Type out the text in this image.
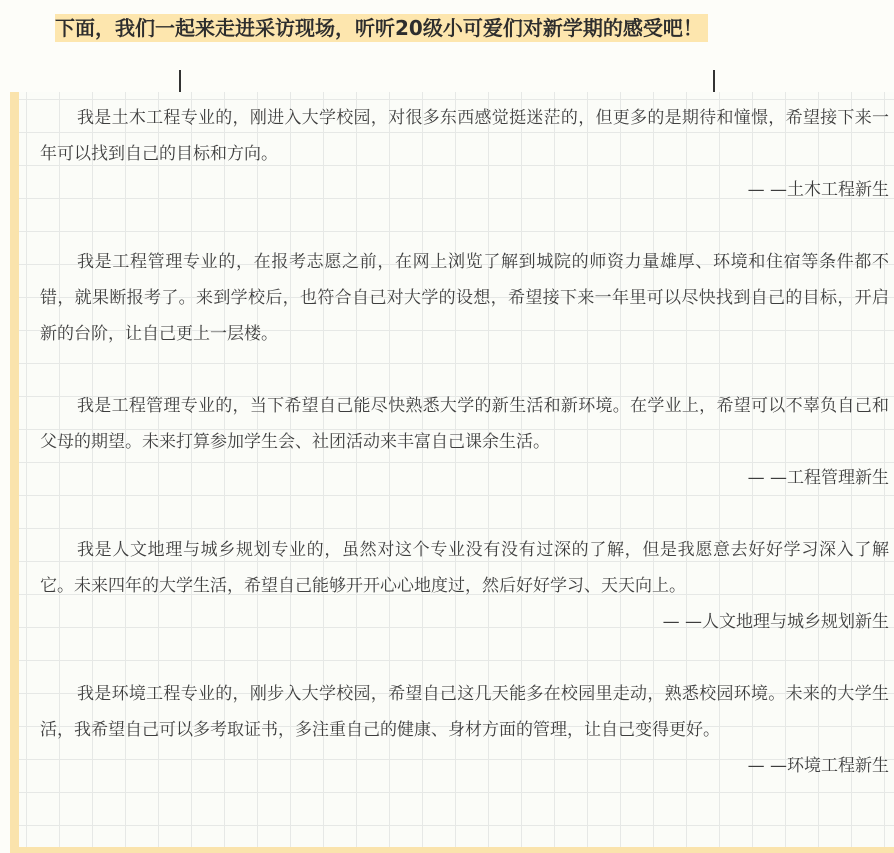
下面，我们一起来走进采访现场，听听20级小可爱们对新学期的感受吧！

我是土木工程专业的，刚进入大学校园，对很多东西感觉挺迷茫的，但更多的是期待和憧憬，希望接下来一年可以找到自己的目标和方向。

— —土木工程新生

我是工程管理专业的，在报考志愿之前，在网上浏览了解到城院的师资力量雄厚、环境和住宿等条件都不错，就果断报考了。来到学校后，也符合自己对大学的设想，希望接下来一年里可以尽快找到自己的目标，开启新的台阶，让自己更上一层楼。

我是工程管理专业的，当下希望自己能尽快熟悉大学的新生活和新环境。在学业上，希望可以不辜负自己和父母的期望。未来打算参加学生会、社团活动来丰富自己课余生活。

— —工程管理新生

我是人文地理与城乡规划专业的，虽然对这个专业没有没有过深的了解，但是我愿意去好好学习深入了解它。未来四年的大学生活，希望自己能够开开心心地度过，然后好好学习、天天向上。

— —人文地理与城乡规划新生

我是环境工程专业的，刚步入大学校园，希望自己这几天能多在校园里走动，熟悉校园环境。未来的大学生活，我希望自己可以多考取证书，多注重自己的健康、身材方面的管理，让自己变得更好。

— —环境工程新生
